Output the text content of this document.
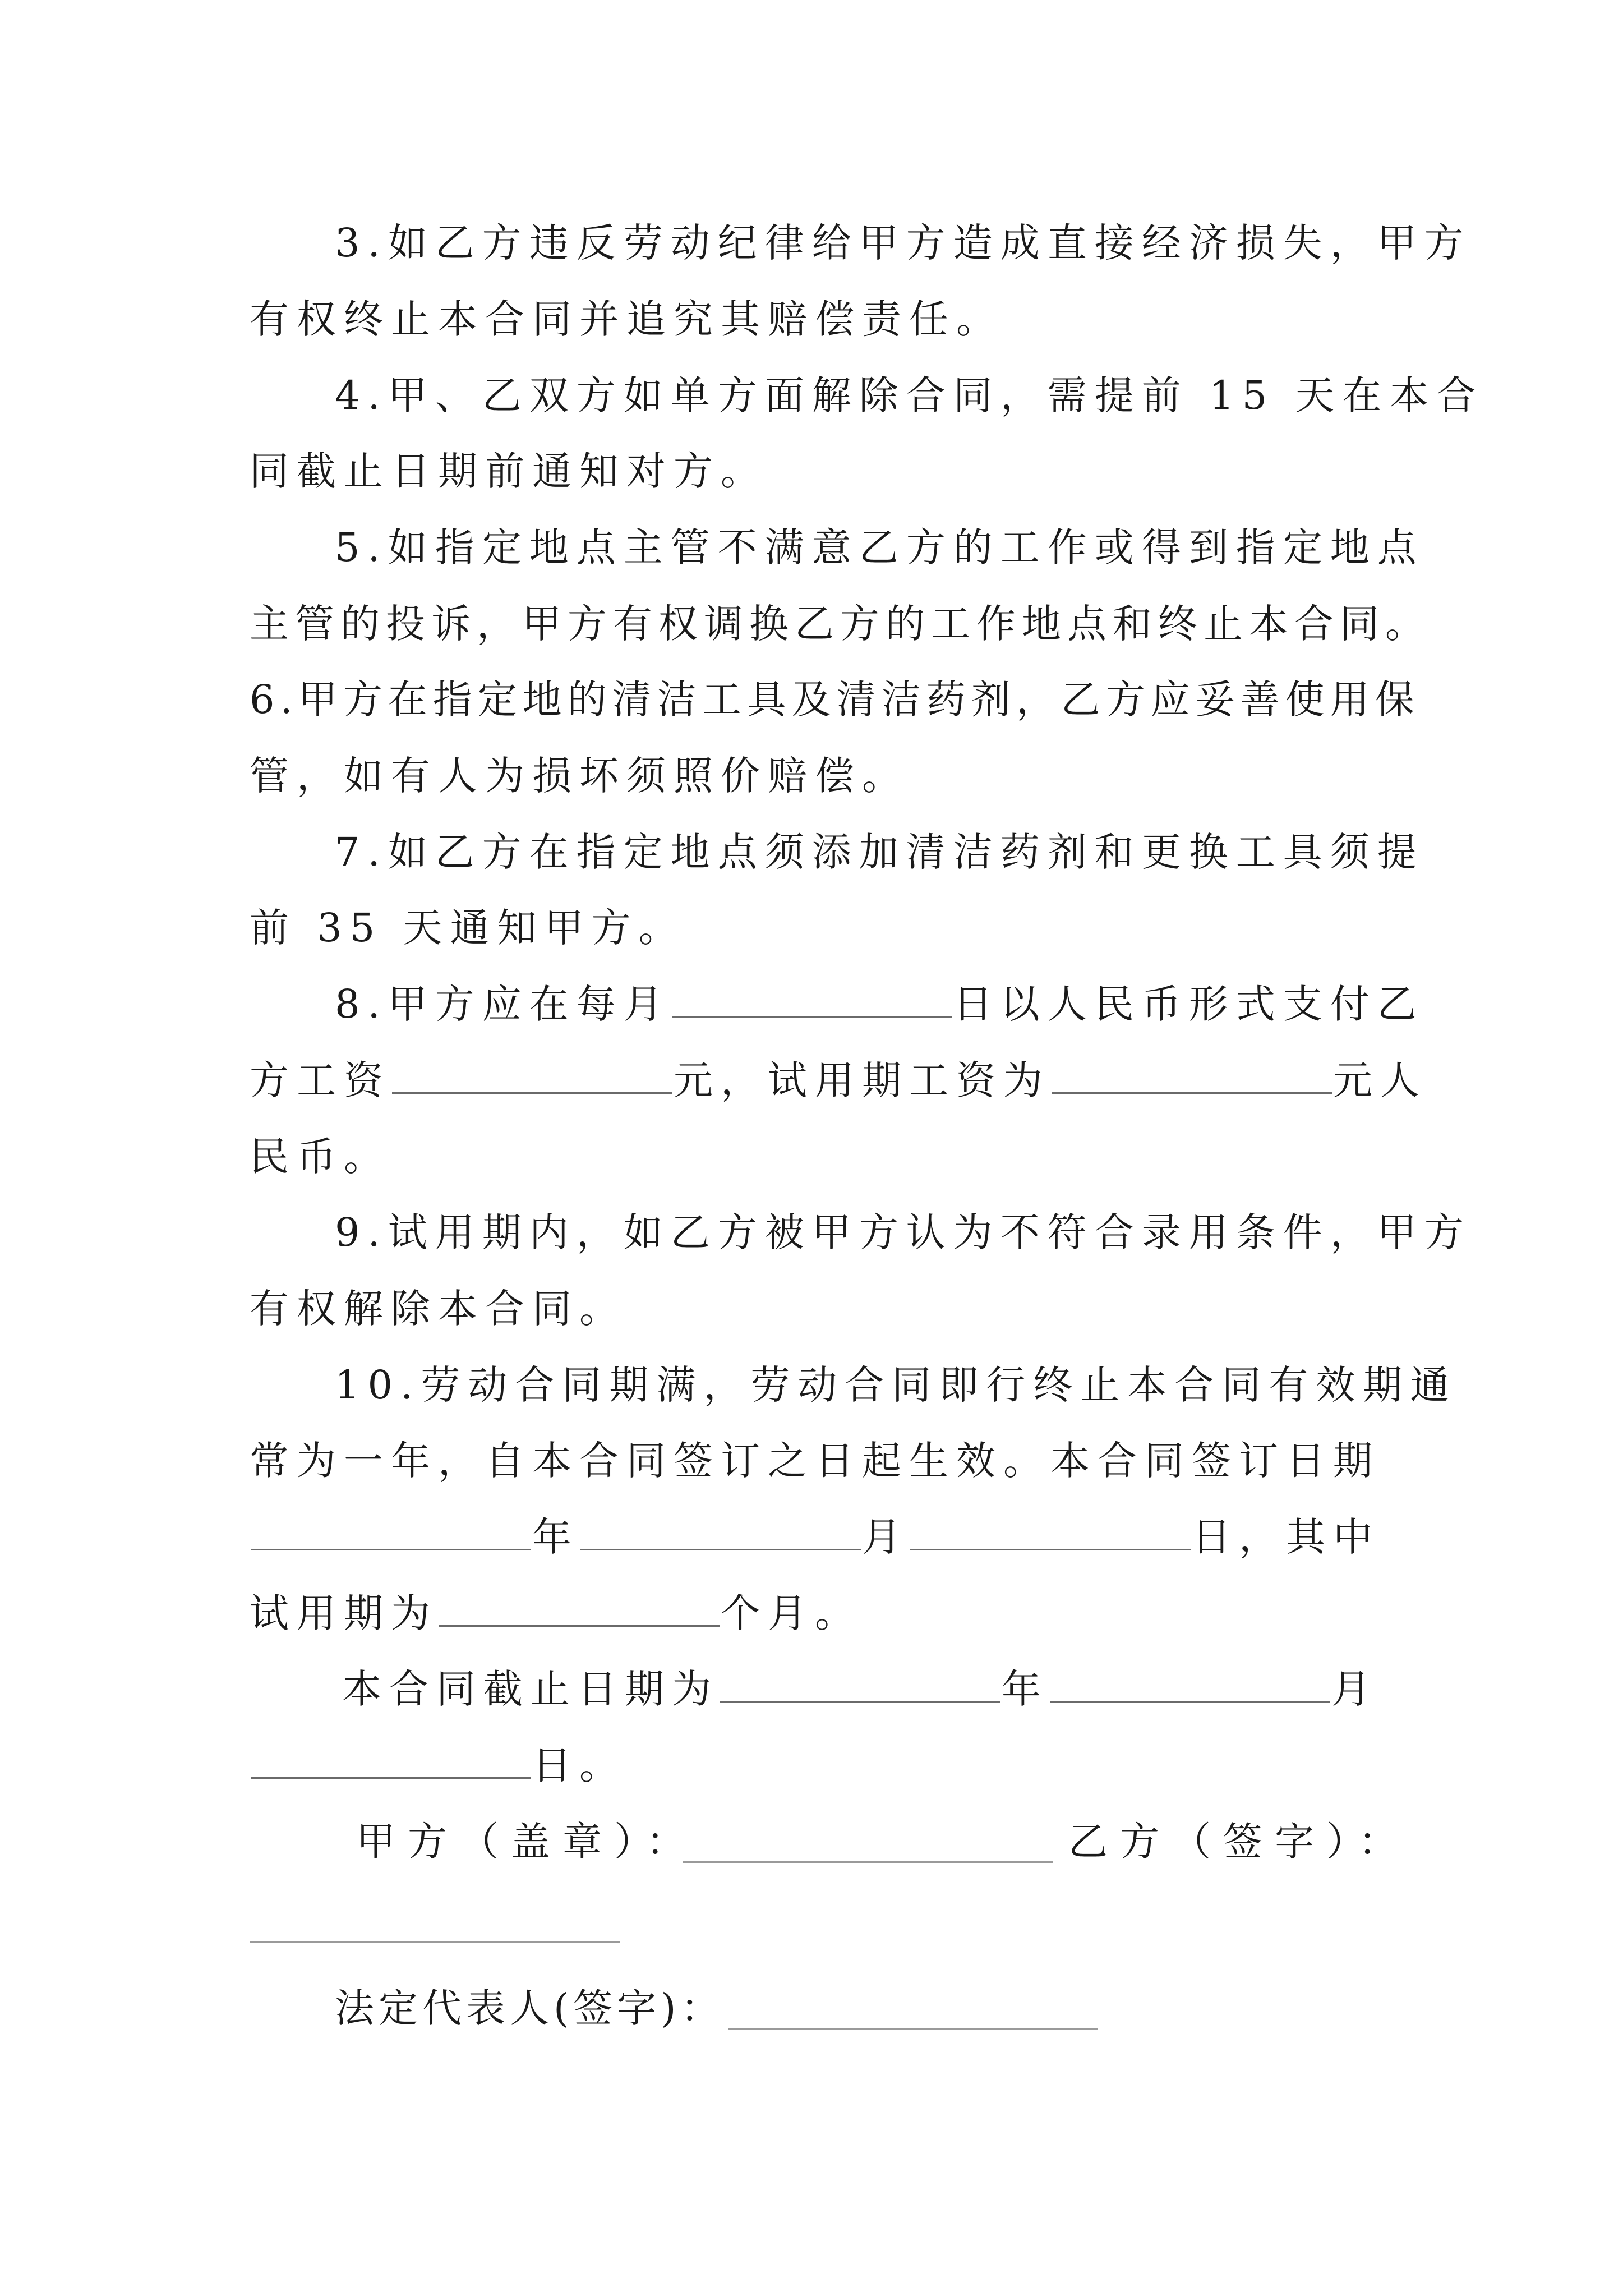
3.如乙方违反劳动纪律给甲方造成直接经济损失，甲方
有权终止本合同并追究其赔偿责任。
4.甲、乙双方如单方面解除合同，需提前 15 天在本合
同截止日期前通知对方。
5.如指定地点主管不满意乙方的工作或得到指定地点
主管的投诉，甲方有权调换乙方的工作地点和终止本合同。
6.甲方在指定地的清洁工具及清洁药剂，乙方应妥善使用保
管，如有人为损坏须照价赔偿。
7.如乙方在指定地点须添加清洁药剂和更换工具须提
前 35 天通知甲方。
8.甲方应在每月	日以人民币形式支付乙
方工资	元，试用期工资为	元人
民币。
9.试用期内，如乙方被甲方认为不符合录用条件，甲方
有权解除本合同。
10.劳动合同期满，劳动合同即行终止本合同有效期通
常为一年，自本合同签订之日起生效。本合同签订日期
年	月	日，其中
试用期为	个月。
本合同截止日期为	年	月
日。
甲方（盖章）：	乙方（签字）：
法定代表人(签字)：
